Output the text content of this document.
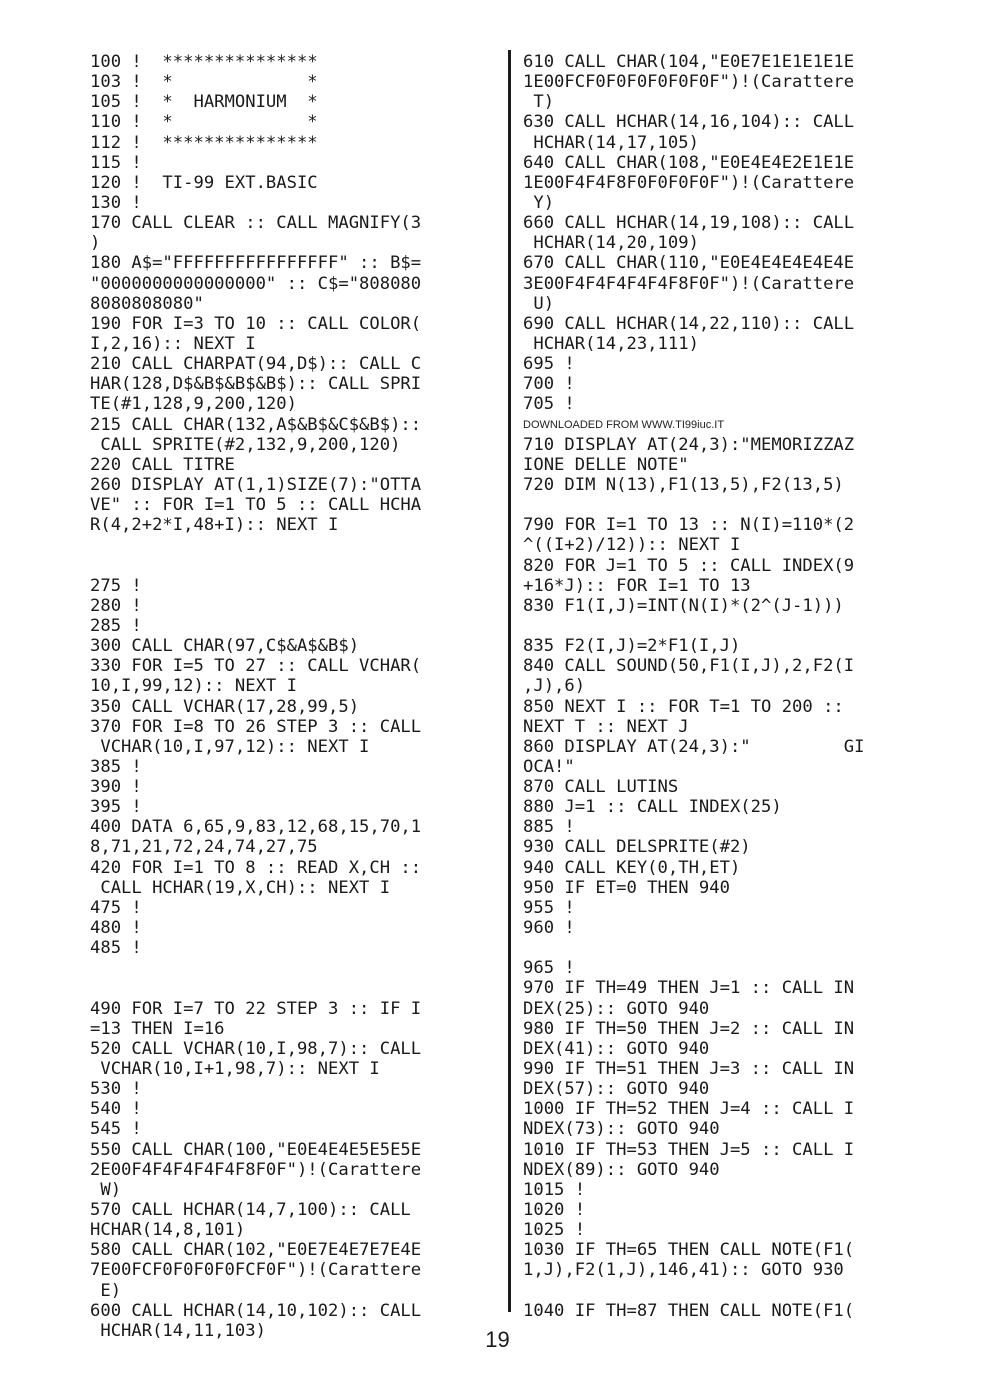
100 !  ***************
103 !  *             *
105 !  *  HARMONIUM  *
110 !  *             *
112 !  ***************
115 !
120 !  TI-99 EXT.BASIC
130 !
170 CALL CLEAR :: CALL MAGNIFY(3
)
180 A$="FFFFFFFFFFFFFFFF" :: B$=
"0000000000000000" :: C$="808080
8080808080"
190 FOR I=3 TO 10 :: CALL COLOR(
I,2,16):: NEXT I
210 CALL CHARPAT(94,D$):: CALL C
HAR(128,D$&B$&B$&B$):: CALL SPRI
TE(#1,128,9,200,120)
215 CALL CHAR(132,A$&B$&C$&B$)::
CALL SPRITE(#2,132,9,200,120)
220 CALL TITRE
260 DISPLAY AT(1,1)SIZE(7):"OTTA
VE" :: FOR I=1 TO 5 :: CALL HCHA
R(4,2+2*I,48+I):: NEXT I
275 !
280 !
285 !
300 CALL CHAR(97,C$&A$&B$)
330 FOR I=5 TO 27 :: CALL VCHAR(
10,I,99,12):: NEXT I
350 CALL VCHAR(17,28,99,5)
370 FOR I=8 TO 26 STEP 3 :: CALL
VCHAR(10,I,97,12):: NEXT I
385 !
390 !
395 !
400 DATA 6,65,9,83,12,68,15,70,1
8,71,21,72,24,74,27,75
420 FOR I=1 TO 8 :: READ X,CH ::
CALL HCHAR(19,X,CH):: NEXT I
475 !
480 !
485 !
490 FOR I=7 TO 22 STEP 3 :: IF I
=13 THEN I=16
520 CALL VCHAR(10,I,98,7):: CALL
VCHAR(10,I+1,98,7):: NEXT I
530 !
540 !
545 !
550 CALL CHAR(100,"E0E4E4E5E5E5E
2E00F4F4F4F4F4F8F0F")!(Carattere
W)
570 CALL HCHAR(14,7,100):: CALL
HCHAR(14,8,101)
580 CALL CHAR(102,"E0E7E4E7E7E4E
7E00FCF0F0F0F0FCF0F")!(Carattere
E)
600 CALL HCHAR(14,10,102):: CALL
HCHAR(14,11,103)
610 CALL CHAR(104,"E0E7E1E1E1E1E
1E00FCF0F0F0F0F0F0F")!(Carattere
T)
630 CALL HCHAR(14,16,104):: CALL
HCHAR(14,17,105)
640 CALL CHAR(108,"E0E4E4E2E1E1E
1E00F4F4F8F0F0F0F0F")!(Carattere
Y)
660 CALL HCHAR(14,19,108):: CALL
HCHAR(14,20,109)
670 CALL CHAR(110,"E0E4E4E4E4E4E
3E00F4F4F4F4F4F8F0F")!(Carattere
U)
690 CALL HCHAR(14,22,110):: CALL
HCHAR(14,23,111)
695 !
700 !
705 !
DOWNLOADED FROM WWW.TI99iuc.IT
710 DISPLAY AT(24,3):"MEMORIZZAZ
IONE DELLE NOTE"
720 DIM N(13),F1(13,5),F2(13,5)
790 FOR I=1 TO 13 :: N(I)=110*(2
^((I+2)/12)):: NEXT I
820 FOR J=1 TO 5 :: CALL INDEX(9
+16*J):: FOR I=1 TO 13
830 F1(I,J)=INT(N(I)*(2^(J-1)))
835 F2(I,J)=2*F1(I,J)
840 CALL SOUND(50,F1(I,J),2,F2(I
,J),6)
850 NEXT I :: FOR T=1 TO 200 ::
NEXT T :: NEXT J
860 DISPLAY AT(24,3):"         GI
OCA!"
870 CALL LUTINS
880 J=1 :: CALL INDEX(25)
885 !
930 CALL DELSPRITE(#2)
940 CALL KEY(0,TH,ET)
950 IF ET=0 THEN 940
955 !
960 !
965 !
970 IF TH=49 THEN J=1 :: CALL IN
DEX(25):: GOTO 940
980 IF TH=50 THEN J=2 :: CALL IN
DEX(41):: GOTO 940
990 IF TH=51 THEN J=3 :: CALL IN
DEX(57):: GOTO 940
1000 IF TH=52 THEN J=4 :: CALL I
NDEX(73):: GOTO 940
1010 IF TH=53 THEN J=5 :: CALL I
NDEX(89):: GOTO 940
1015 !
1020 !
1025 !
1030 IF TH=65 THEN CALL NOTE(F1(
1,J),F2(1,J),146,41):: GOTO 930
1040 IF TH=87 THEN CALL NOTE(F1(
19
